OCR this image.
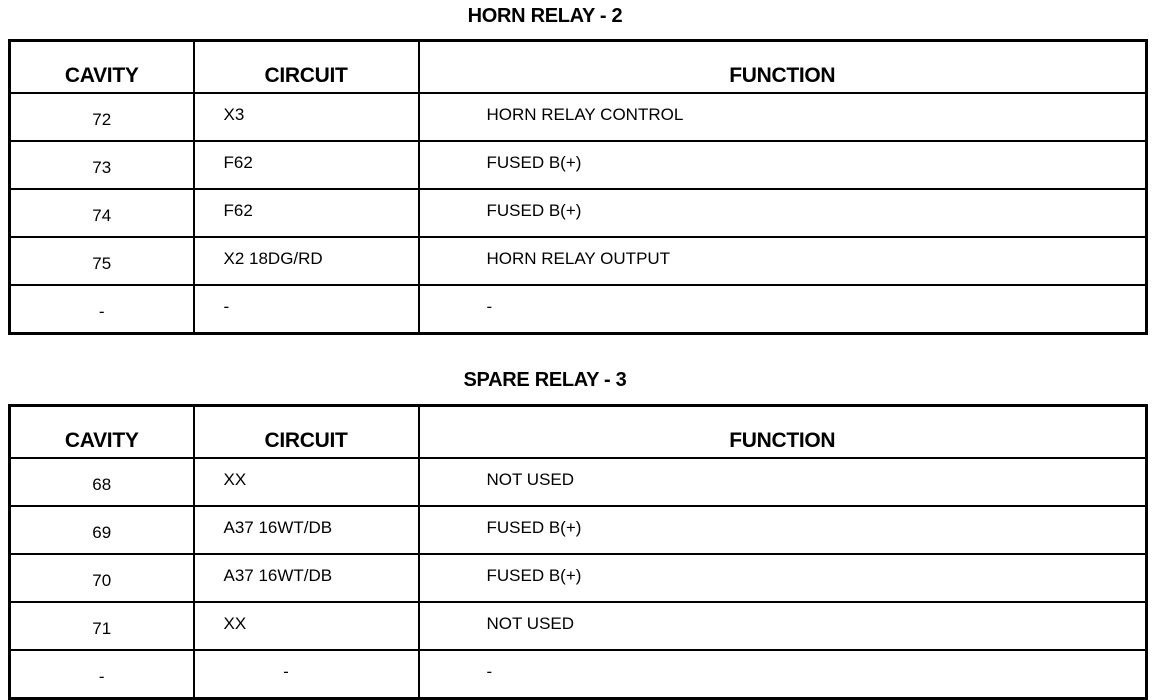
HORN RELAY - 2
CAVITY	CIRCUIT	FUNCTION
72	X3	HORN RELAY CONTROL
73	F62	FUSED B(+)
74	F62	FUSED B(+)
75	X2 18DG/RD	HORN RELAY OUTPUT
-	-	-
SPARE RELAY - 3
CAVITY	CIRCUIT	FUNCTION
68	XX	NOT USED
69	A37 16WT/DB	FUSED B(+)
70	A37 16WT/DB	FUSED B(+)
71	XX	NOT USED
-	-	-
